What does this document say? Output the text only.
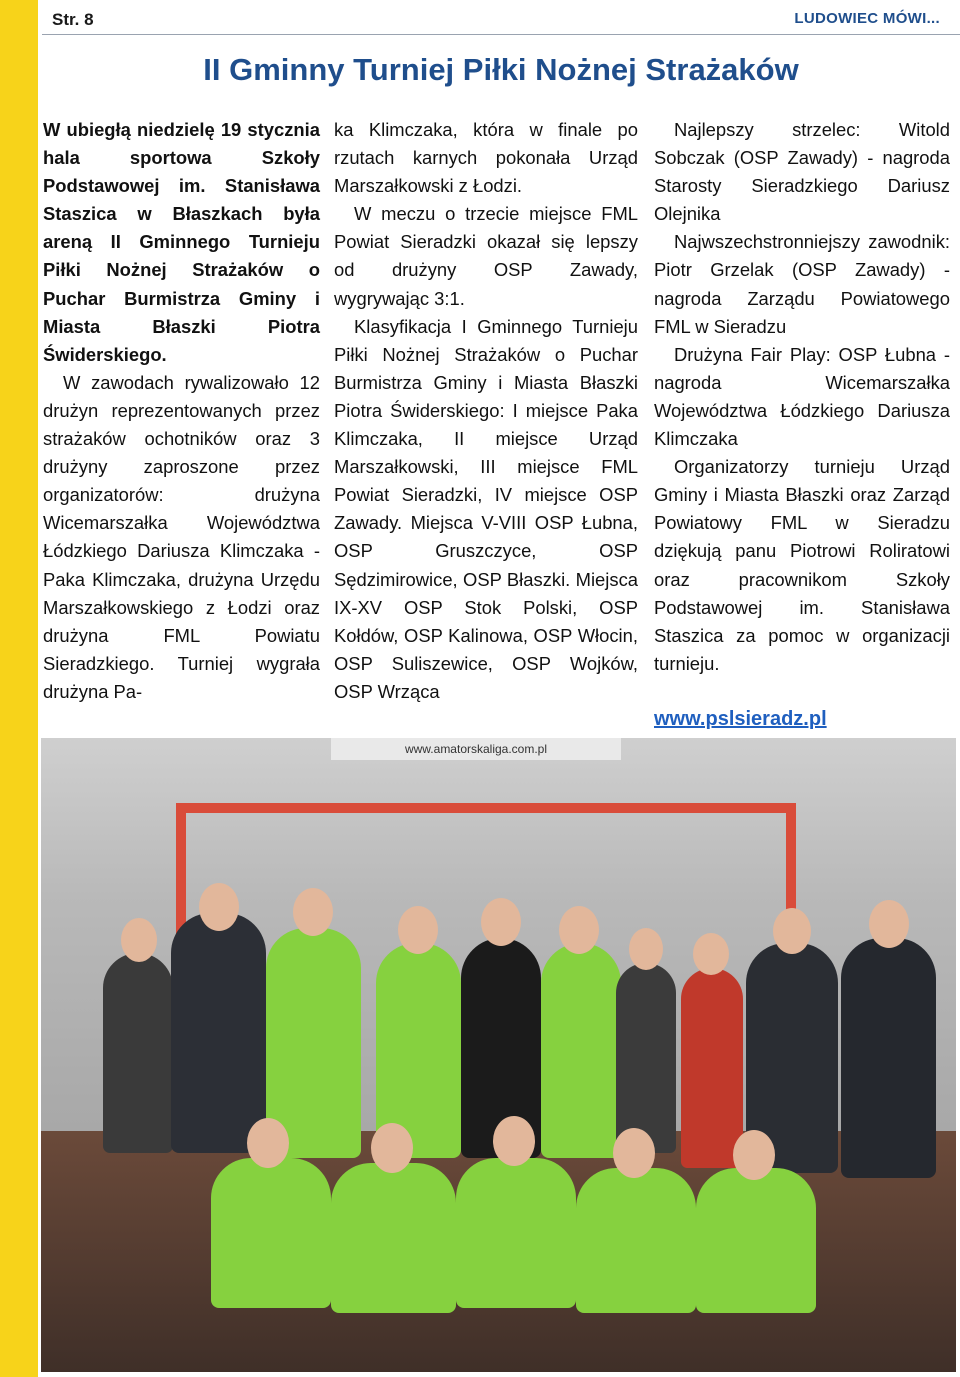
Str. 8	LUDOWIEC MÓWI...
II Gminny Turniej Piłki Nożnej Strażaków

W ubiegłą niedzielę 19 stycznia hala sportowa Szkoły Podstawowej im. Stanisława Staszica w Błaszkach była areną II Gminnego Turnieju Piłki Nożnej Strażaków o Puchar Burmistrza Gminy i Miasta Błaszki Piotra Świderskiego.

W zawodach rywalizowało 12 drużyn reprezentowanych przez strażaków ochotników oraz 3 drużyny zaproszone przez organizatorów: drużyna Wicemarszałka Województwa Łódzkiego Dariusza Klimczaka - Paka Klimczaka, drużyna Urzędu Marszałkowskiego z Łodzi oraz drużyna FML Powiatu Sieradzkiego. Turniej wygrała drużyna Pa-

ka Klimczaka, która w finale po rzutach karnych pokonała Urząd Marszałkowski z Łodzi.

W meczu o trzecie miejsce FML Powiat Sieradzki okazał się lepszy od drużyny OSP Zawady, wygrywając 3:1.

Klasyfikacja I Gminnego Turnieju Piłki Nożnej Strażaków o Puchar Burmistrza Gminy i Miasta Błaszki Piotra Świderskiego: I miejsce Paka Klimczaka, II miejsce Urząd Marszałkowski, III miejsce FML Powiat Sieradzki, IV miejsce OSP Zawady. Miejsca V-VIII OSP Łubna, OSP Gruszczyce, OSP Sędzimirowice, OSP Błaszki. Miejsca IX-XV OSP Stok Polski, OSP Kołdów, OSP Kalinowa, OSP Włocin, OSP Suliszewice, OSP Wojków, OSP Wrząca

Najlepszy strzelec: Witold Sobczak (OSP Zawady) - nagroda Starosty Sieradzkiego Dariusz Olejnika

Najwszechstronniejszy zawodnik: Piotr Grzelak (OSP Zawady) - nagroda Zarządu Powiatowego FML w Sieradzu

Drużyna Fair Play: OSP Łubna - nagroda Wicemarszałka Województwa Łódzkiego Dariusza Klimczaka

Organizatorzy turnieju Urząd Gminy i Miasta Błaszki oraz Zarząd Powiatowy FML w Sieradzu dziękują panu Piotrowi Roliratowi oraz pracownikom Szkoły Podstawowej im. Stanisława Staszica za pomoc w organizacji turnieju.

www.pslsieradz.pl
www.amatorskaliga.com.pl
